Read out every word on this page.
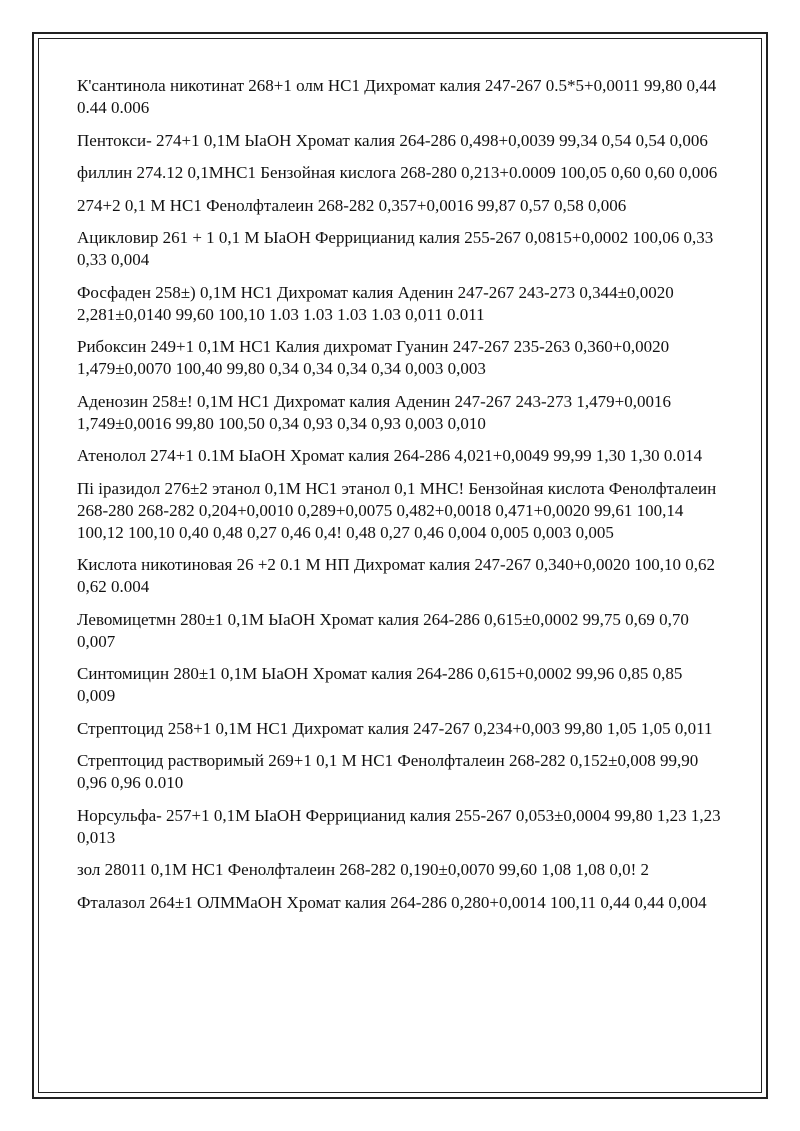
К'сантинола никотинат 268+1 олм НС1 Дихромат калия 247-267 0.5*5+0,0011 99,80 0,44 0.44 0.006

Пентокси- 274+1 0,1М ЫаОН Хромат калия 264-286 0,498+0,0039 99,34 0,54 0,54 0,006

филлин 274.12 0,1МНС1 Бензойная кислога 268-280 0,213+0.0009 100,05 0,60 0,60 0,006

274+2 0,1 М НС1 Фенолфталеин 268-282 0,357+0,0016 99,87 0,57 0,58 0,006

Ацикловир 261 + 1 0,1 М ЫаОН Феррицианид калия 255-267 0,0815+0,0002 100,06 0,33 0,33 0,004

Фосфаден 258±) 0,1М НС1 Дихромат калия Аденин 247-267 243-273 0,344±0,0020 2,281±0,0140 99,60 100,10 1.03 1.03 1.03 1.03 0,011 0.011

Рибоксин 249+1 0,1М НС1 Калия дихромат Гуанин 247-267 235-263 0,360+0,0020 1,479±0,0070 100,40 99,80 0,34 0,34 0,34 0,34 0,003 0,003

Аденозин 258±! 0,1М НС1 Дихромат калия Аденин 247-267 243-273 1,479+0,0016 1,749±0,0016 99,80 100,50 0,34 0,93 0,34 0,93 0,003 0,010

Атенолол 274+1 0.1М ЫаОН Хромат калия 264-286 4,021+0,0049 99,99 1,30 1,30 0.014

Пі іразидол 276±2 этанол 0,1М НС1 этанол 0,1 МНС! Бензойная кислота Фенолфталеин 268-280 268-282 0,204+0,0010 0,289+0,0075 0,482+0,0018 0,471+0,0020 99,61 100,14 100,12 100,10 0,40 0,48 0,27 0,46 0,4! 0,48 0,27 0,46 0,004 0,005 0,003 0,005

Кислота никотиновая 26 +2 0.1 М НП Дихромат калия 247-267 0,340+0,0020 100,10 0,62 0,62 0.004

Левомицетмн 280±1 0,1М ЫаОН Хромат калия 264-286 0,615±0,0002 99,75 0,69 0,70 0,007

Синтомицин 280±1 0,1М ЫаОН Хромат калия 264-286 0,615+0,0002 99,96 0,85 0,85 0,009

Стрептоцид 258+1 0,1М НС1 Дихромат калия 247-267 0,234+0,003 99,80 1,05 1,05 0,011

Стрептоцид растворимый 269+1 0,1 М НС1 Фенолфталеин 268-282 0,152±0,008 99,90 0,96 0,96 0.010

Норсульфа- 257+1 0,1М ЫаОН Феррицианид калия 255-267 0,053±0,0004 99,80 1,23 1,23 0,013

зол 28011 0,1М НС1 Фенолфталеин 268-282 0,190±0,0070 99,60 1,08 1,08 0,0! 2

Фталазол 264±1 ОЛММаОН Хромат калия 264-286 0,280+0,0014 100,11 0,44 0,44 0,004
